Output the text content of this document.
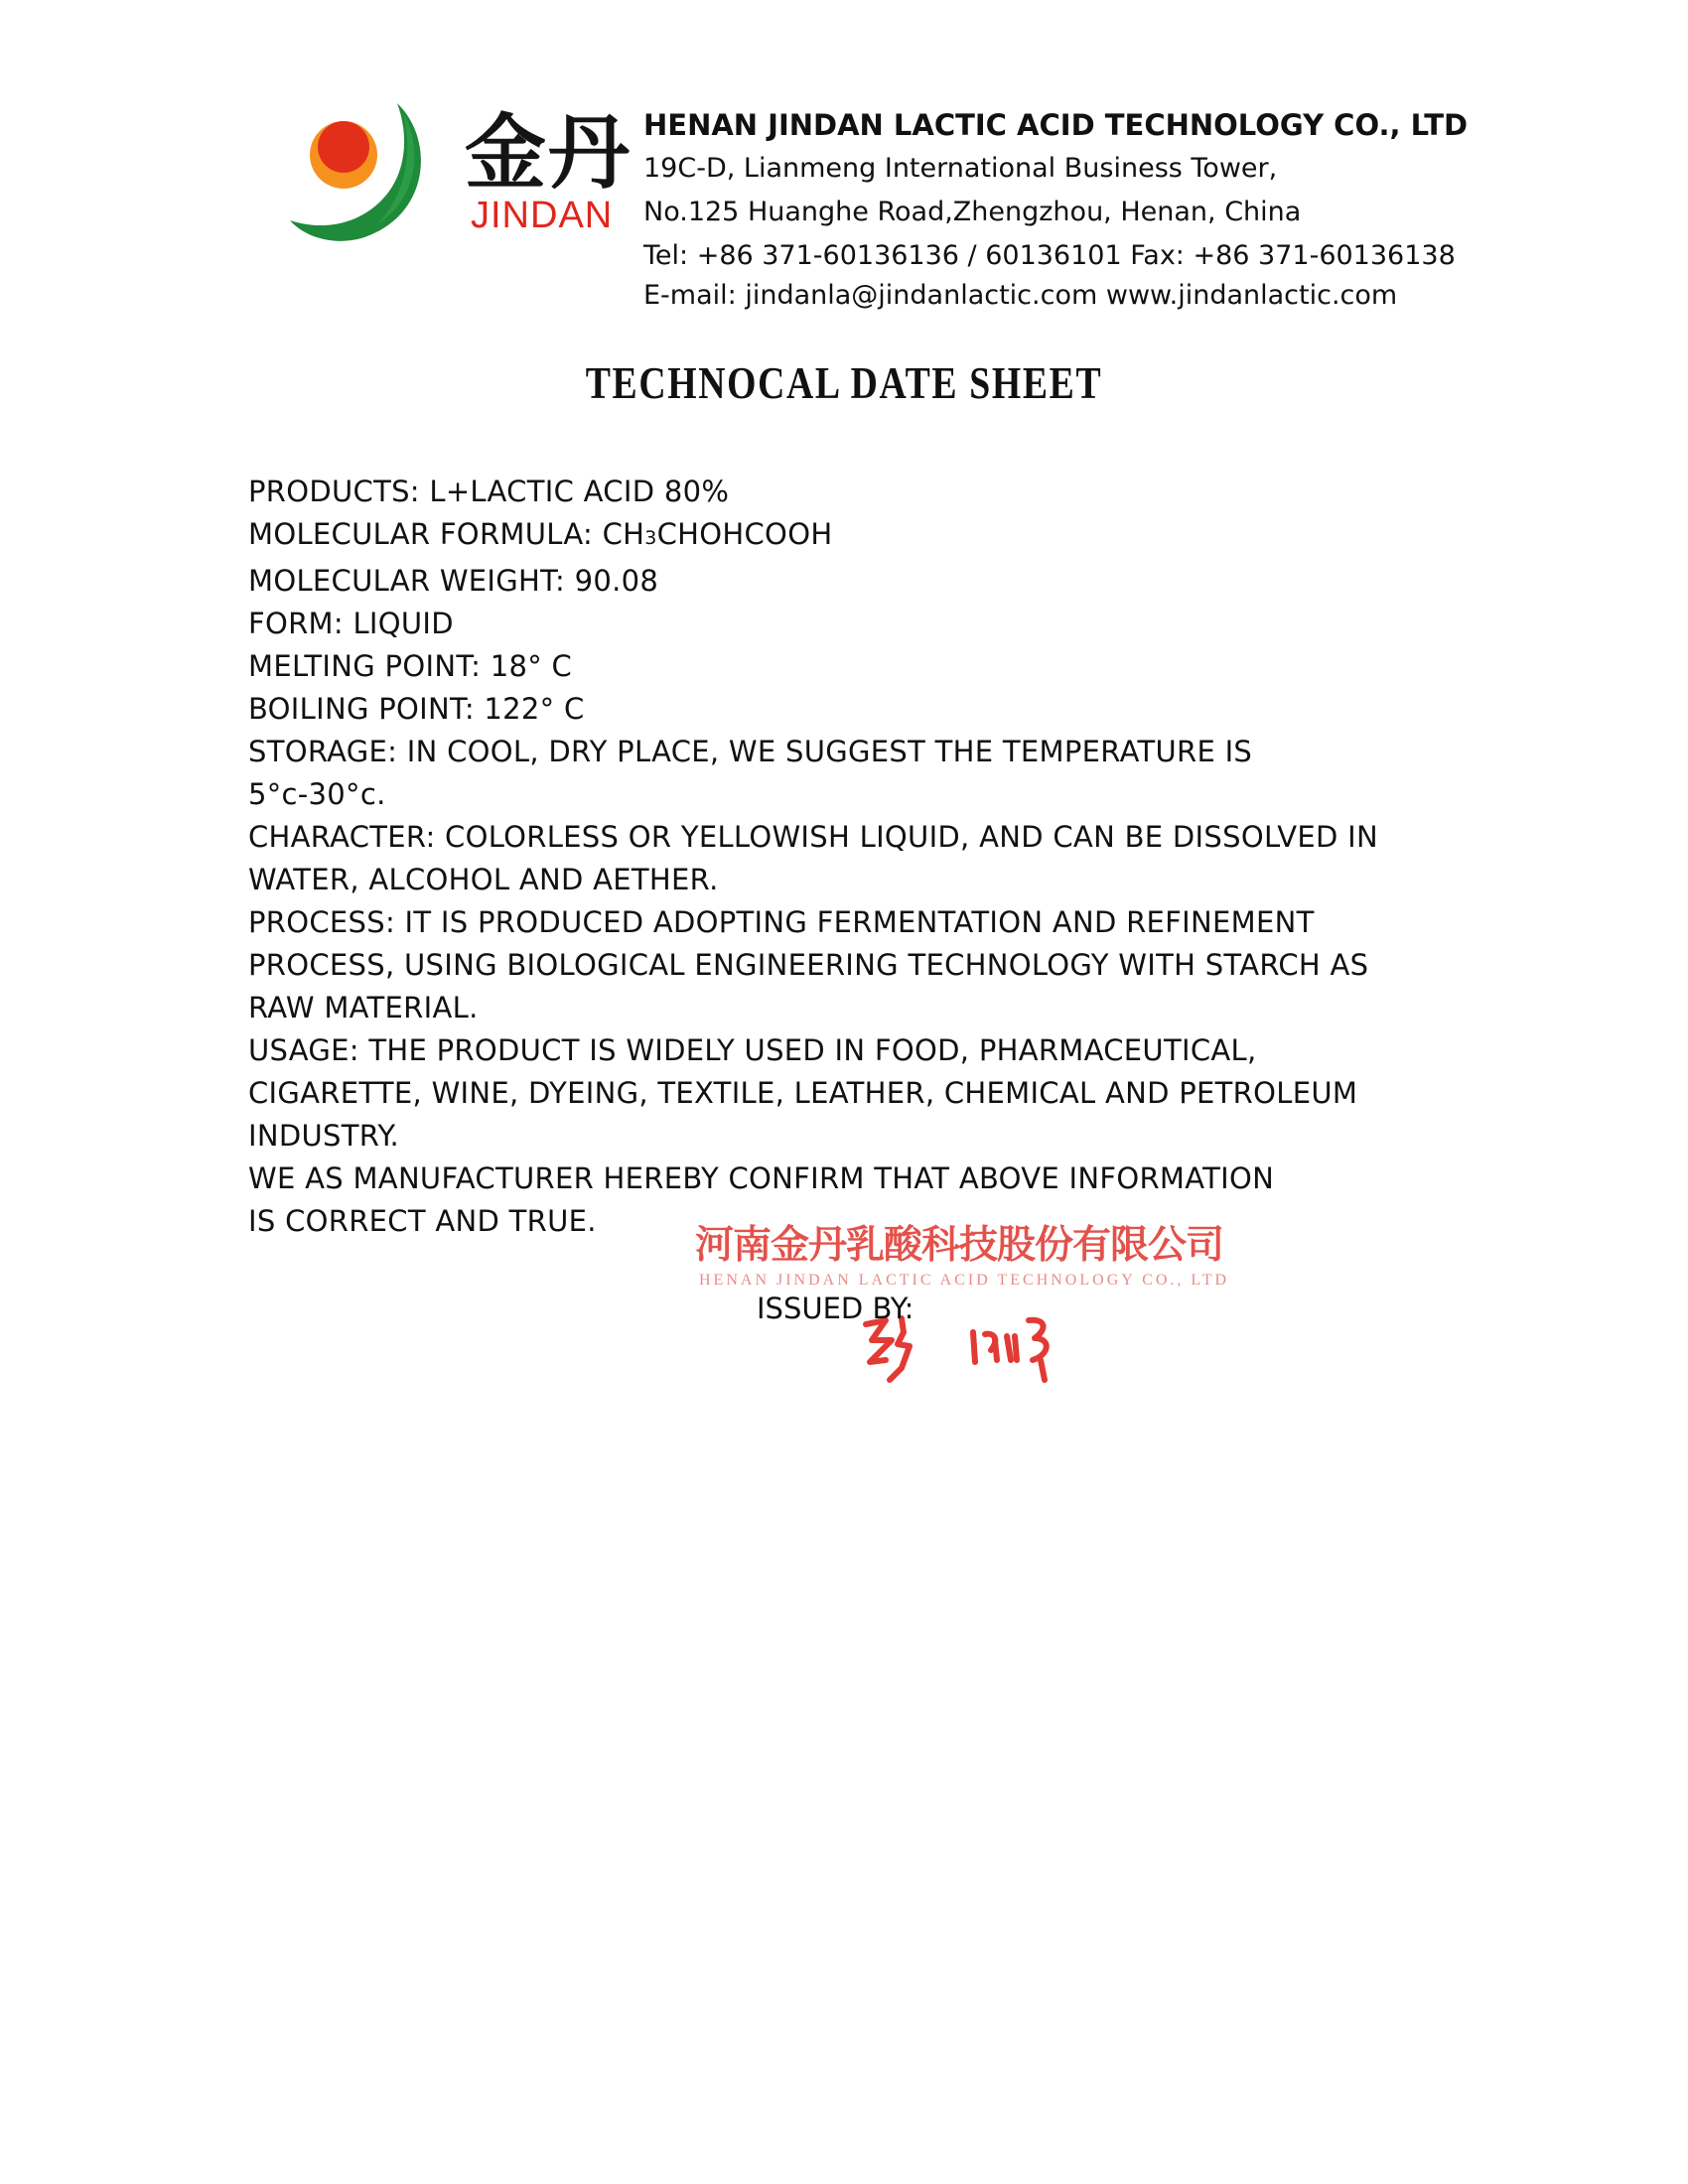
金丹
JINDAN
HENAN JINDAN LACTIC ACID TECHNOLOGY CO., LTD
19C-D, Lianmeng International Business Tower,
No.125 Huanghe Road,Zhengzhou, Henan, China
Tel: +86 371-60136136 / 60136101 Fax: +86 371-60136138
E-mail: jindanla@jindanlactic.com www.jindanlactic.com
TECHNOCAL DATE SHEET

PRODUCTS: L+LACTIC ACID 80%

MOLECULAR FORMULA: CH3CHOHCOOH

MOLECULAR WEIGHT: 90.08

FORM: LIQUID

MELTING POINT: 18° C

BOILING POINT: 122° C

STORAGE: IN COOL, DRY PLACE, WE SUGGEST THE TEMPERATURE IS

5°c-30°c.

CHARACTER: COLORLESS OR YELLOWISH LIQUID, AND CAN BE DISSOLVED IN

WATER, ALCOHOL AND AETHER.

PROCESS: IT IS PRODUCED ADOPTING FERMENTATION AND REFINEMENT

PROCESS, USING BIOLOGICAL ENGINEERING TECHNOLOGY WITH STARCH AS

RAW MATERIAL.

USAGE: THE PRODUCT IS WIDELY USED IN FOOD, PHARMACEUTICAL,

CIGARETTE, WINE, DYEING, TEXTILE, LEATHER, CHEMICAL AND PETROLEUM

INDUSTRY.

WE AS MANUFACTURER HEREBY CONFIRM THAT ABOVE INFORMATION

IS CORRECT AND TRUE.

河南金丹乳酸科技股份有限公司
HENAN JINDAN LACTIC ACID TECHNOLOGY CO., LTD
ISSUED BY:
